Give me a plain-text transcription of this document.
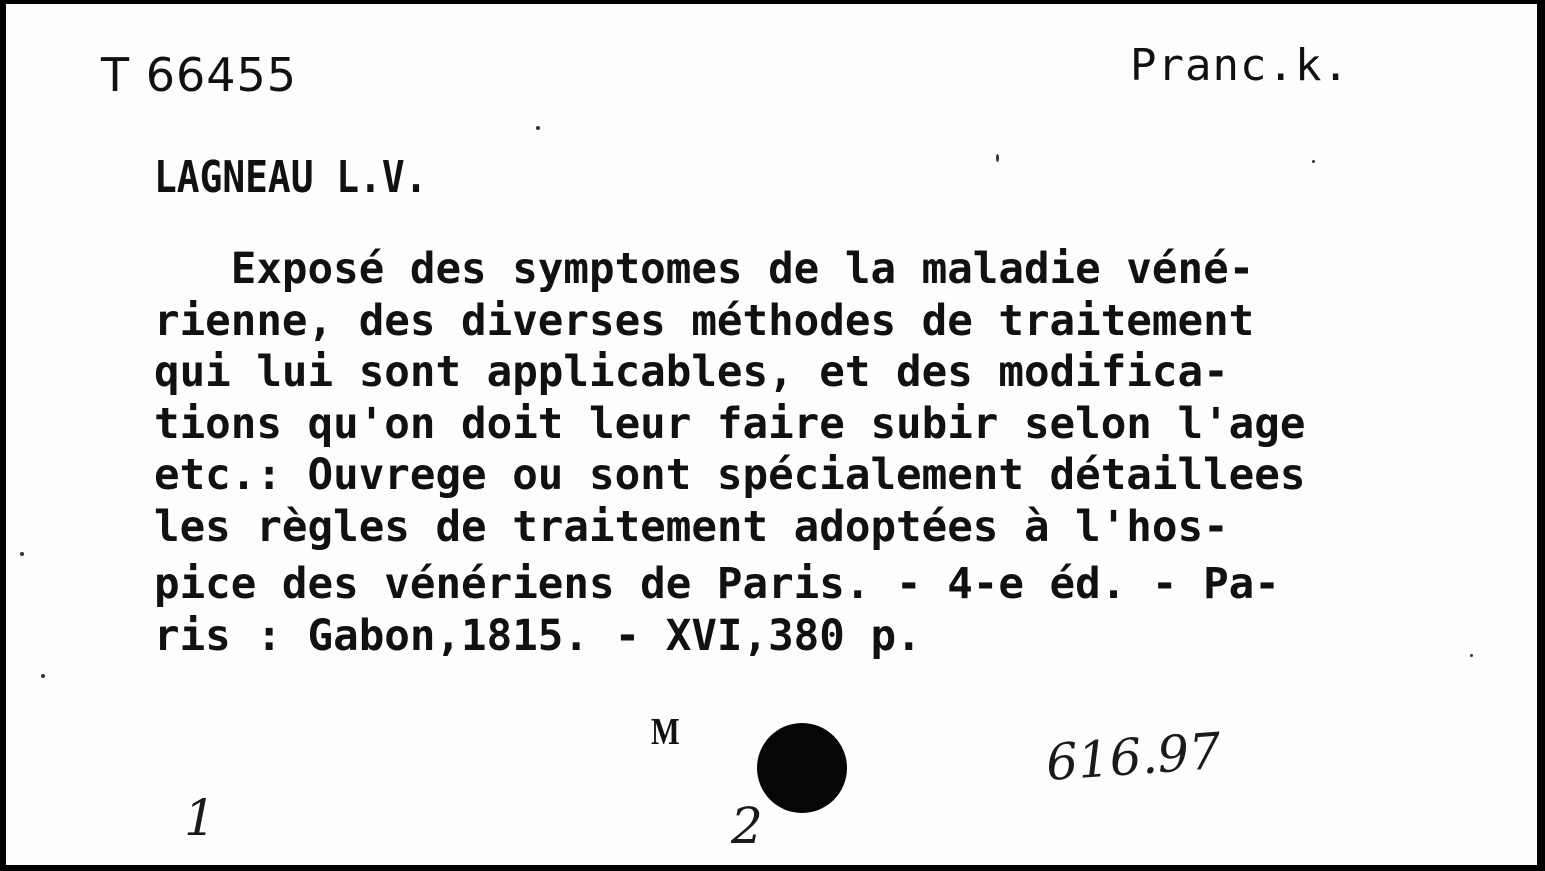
T 66455	Pranc.k.
LAGNEAU L.V.
Exposé des symptomes de la maladie véné-
rienne, des diverses méthodes de traitement
qui lui sont applicables, et des modifica-
tions qu'on doit leur faire subir selon l'age
etc.: Ouvrege ou sont spécialement détaillees
les règles de traitement adoptées à l'hos-
pice des vénériens de Paris. - 4-e éd. - Pa-
ris : Gabon,1815. - XVI,380 p.
M	616.97
1	2
